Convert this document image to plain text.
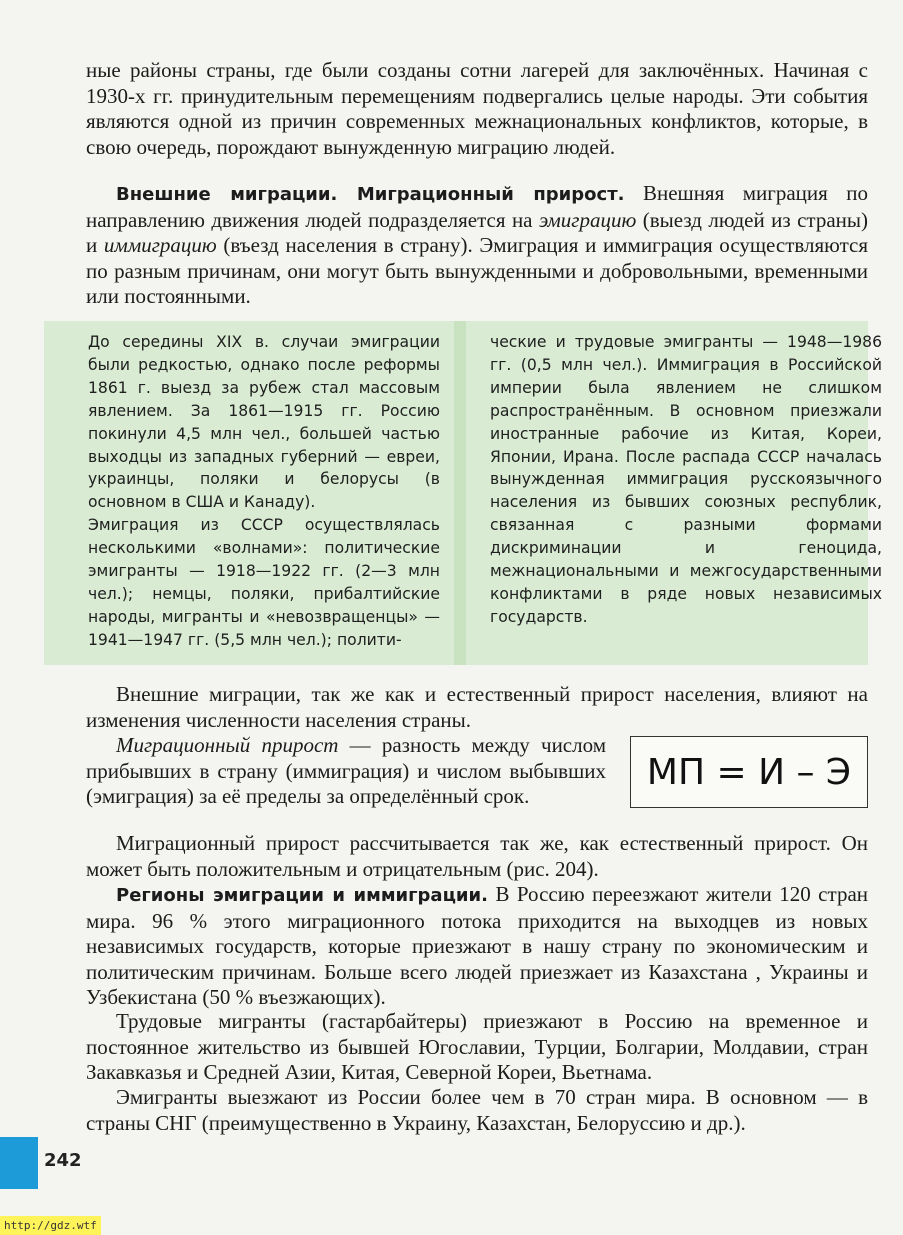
ные районы страны, где были созданы сотни лагерей для заключённых. Начиная с 1930-х гг. принудительным перемещениям подвергались целые народы. Эти события являются одной из причин современных межнациональных конфликтов, которые, в свою очередь, порождают вынужденную миграцию людей.

Внешние миграции. Миграционный прирост. Внешняя миграция по направлению движения людей подразделяется на эмиграцию (выезд людей из страны) и иммиграцию (въезд населения в страну). Эмиграция и иммиграция осуществляются по разным причинам, они могут быть вынужденными и добровольными, временными или постоянными.

До середины XIX в. случаи эмиграции были редкостью, однако после реформы 1861 г. выезд за рубеж стал массовым явлением. За 1861—1915 гг. Россию покинули 4,5 млн чел., большей частью выходцы из западных губерний — евреи, украинцы, поляки и белорусы (в основном в США и Канаду).

Эмиграция из СССР осуществлялась несколькими «волнами»: политические эмигранты — 1918—1922 гг. (2—3 млн чел.); немцы, поляки, прибалтийские народы, мигранты и «невозвращенцы» — 1941—1947 гг. (5,5 млн чел.); полити-

ческие и трудовые эмигранты — 1948—1986 гг. (0,5 млн чел.). Иммиграция в Российской империи была явлением не слишком распространённым. В основном приезжали иностранные рабочие из Китая, Кореи, Японии, Ирана. После распада СССР началась вынужденная иммиграция русскоязычного населения из бывших союзных республик, связанная с разными формами дискриминации и геноцида, межнациональными и межгосударственными конфликтами в ряде новых независимых государств.

Внешние миграции, так же как и естественный прирост населения, влияют на изменения численности населения страны.

Миграционный прирост — разность между числом прибывших в страну (иммиграция) и числом выбывших (эмиграция) за её пределы за определённый срок.

МП = И – Э

Миграционный прирост рассчитывается так же, как естественный прирост. Он может быть положительным и отрицательным (рис. 204).

Регионы эмиграции и иммиграции. В Россию переезжают жители 120 стран мира. 96 % этого миграционного потока приходится на выходцев из новых независимых государств, которые приезжают в нашу страну по экономическим и политическим причинам. Больше всего людей приезжает из Казахстана , Украины и Узбекистана (50 % въезжающих).

Трудовые мигранты (гастарбайтеры) приезжают в Россию на временное и постоянное жительство из бывшей Югославии, Турции, Болгарии, Молдавии, стран Закавказья и Средней Азии, Китая, Северной Кореи, Вьетнама.

Эмигранты выезжают из России более чем в 70 стран мира. В основном — в страны СНГ (преимущественно в Украину, Казахстан, Белоруссию и др.).

242
http://gdz.wtf
